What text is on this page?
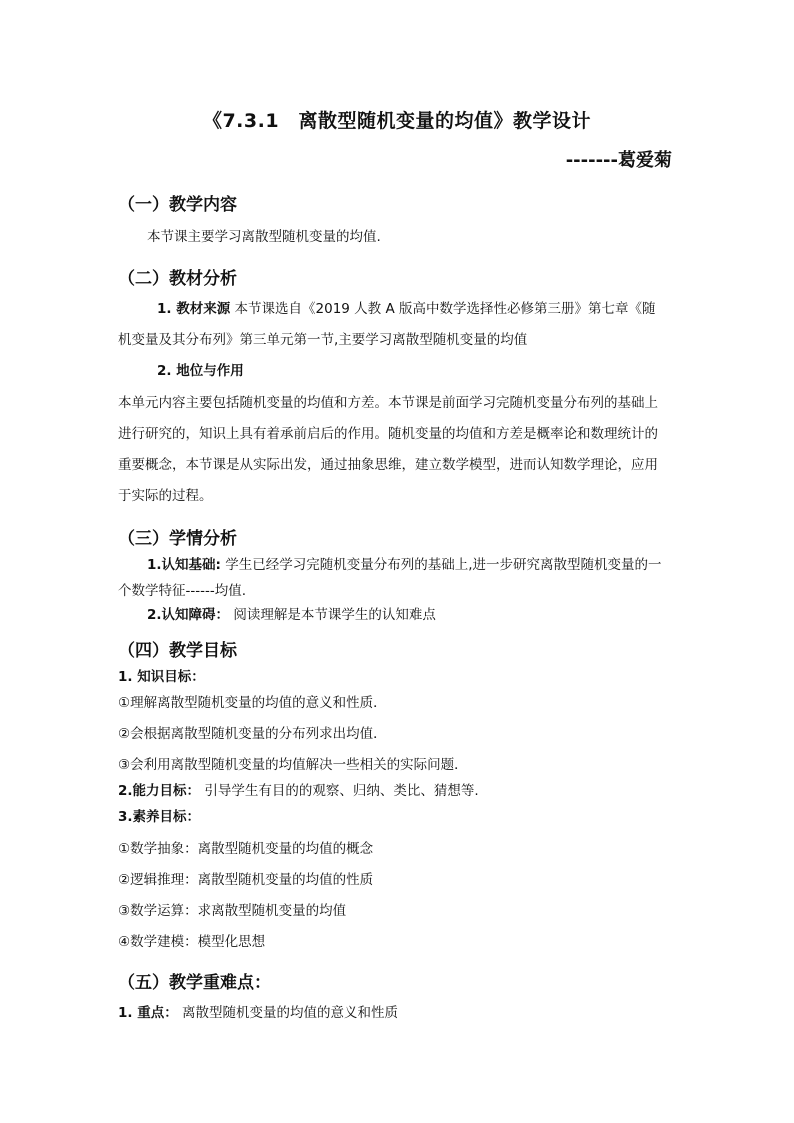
《7.3.1　离散型随机变量的均值》教学设计
-------葛爱菊
（一）教学内容
本节课主要学习离散型随机变量的均值.
（二）教材分析
1. 教材来源 本节课选自《2019 人教 A 版高中数学选择性必修第三册》第七章《随
机变量及其分布列》第三单元第一节,主要学习离散型随机变量的均值
2. 地位与作用
本单元内容主要包括随机变量的均值和方差。本节课是前面学习完随机变量分布列的基础上
进行研究的，知识上具有着承前启后的作用。随机变量的均值和方差是概率论和数理统计的
重要概念，本节课是从实际出发，通过抽象思维，建立数学模型，进而认知数学理论，应用
于实际的过程。
（三）学情分析
1.认知基础: 学生已经学习完随机变量分布列的基础上,进一步研究离散型随机变量的一
个数学特征------均值.
2.认知障碍： 阅读理解是本节课学生的认知难点
（四）教学目标
1. 知识目标：
①理解离散型随机变量的均值的意义和性质．
②会根据离散型随机变量的分布列求出均值．
③会利用离散型随机变量的均值解决一些相关的实际问题．
2.能力目标： 引导学生有目的的观察、归纳、类比、猜想等.
3.素养目标：
①数学抽象：离散型随机变量的均值的概念
②逻辑推理：离散型随机变量的均值的性质
③数学运算：求离散型随机变量的均值
④数学建模：模型化思想
（五）教学重难点：
1. 重点： 离散型随机变量的均值的意义和性质
